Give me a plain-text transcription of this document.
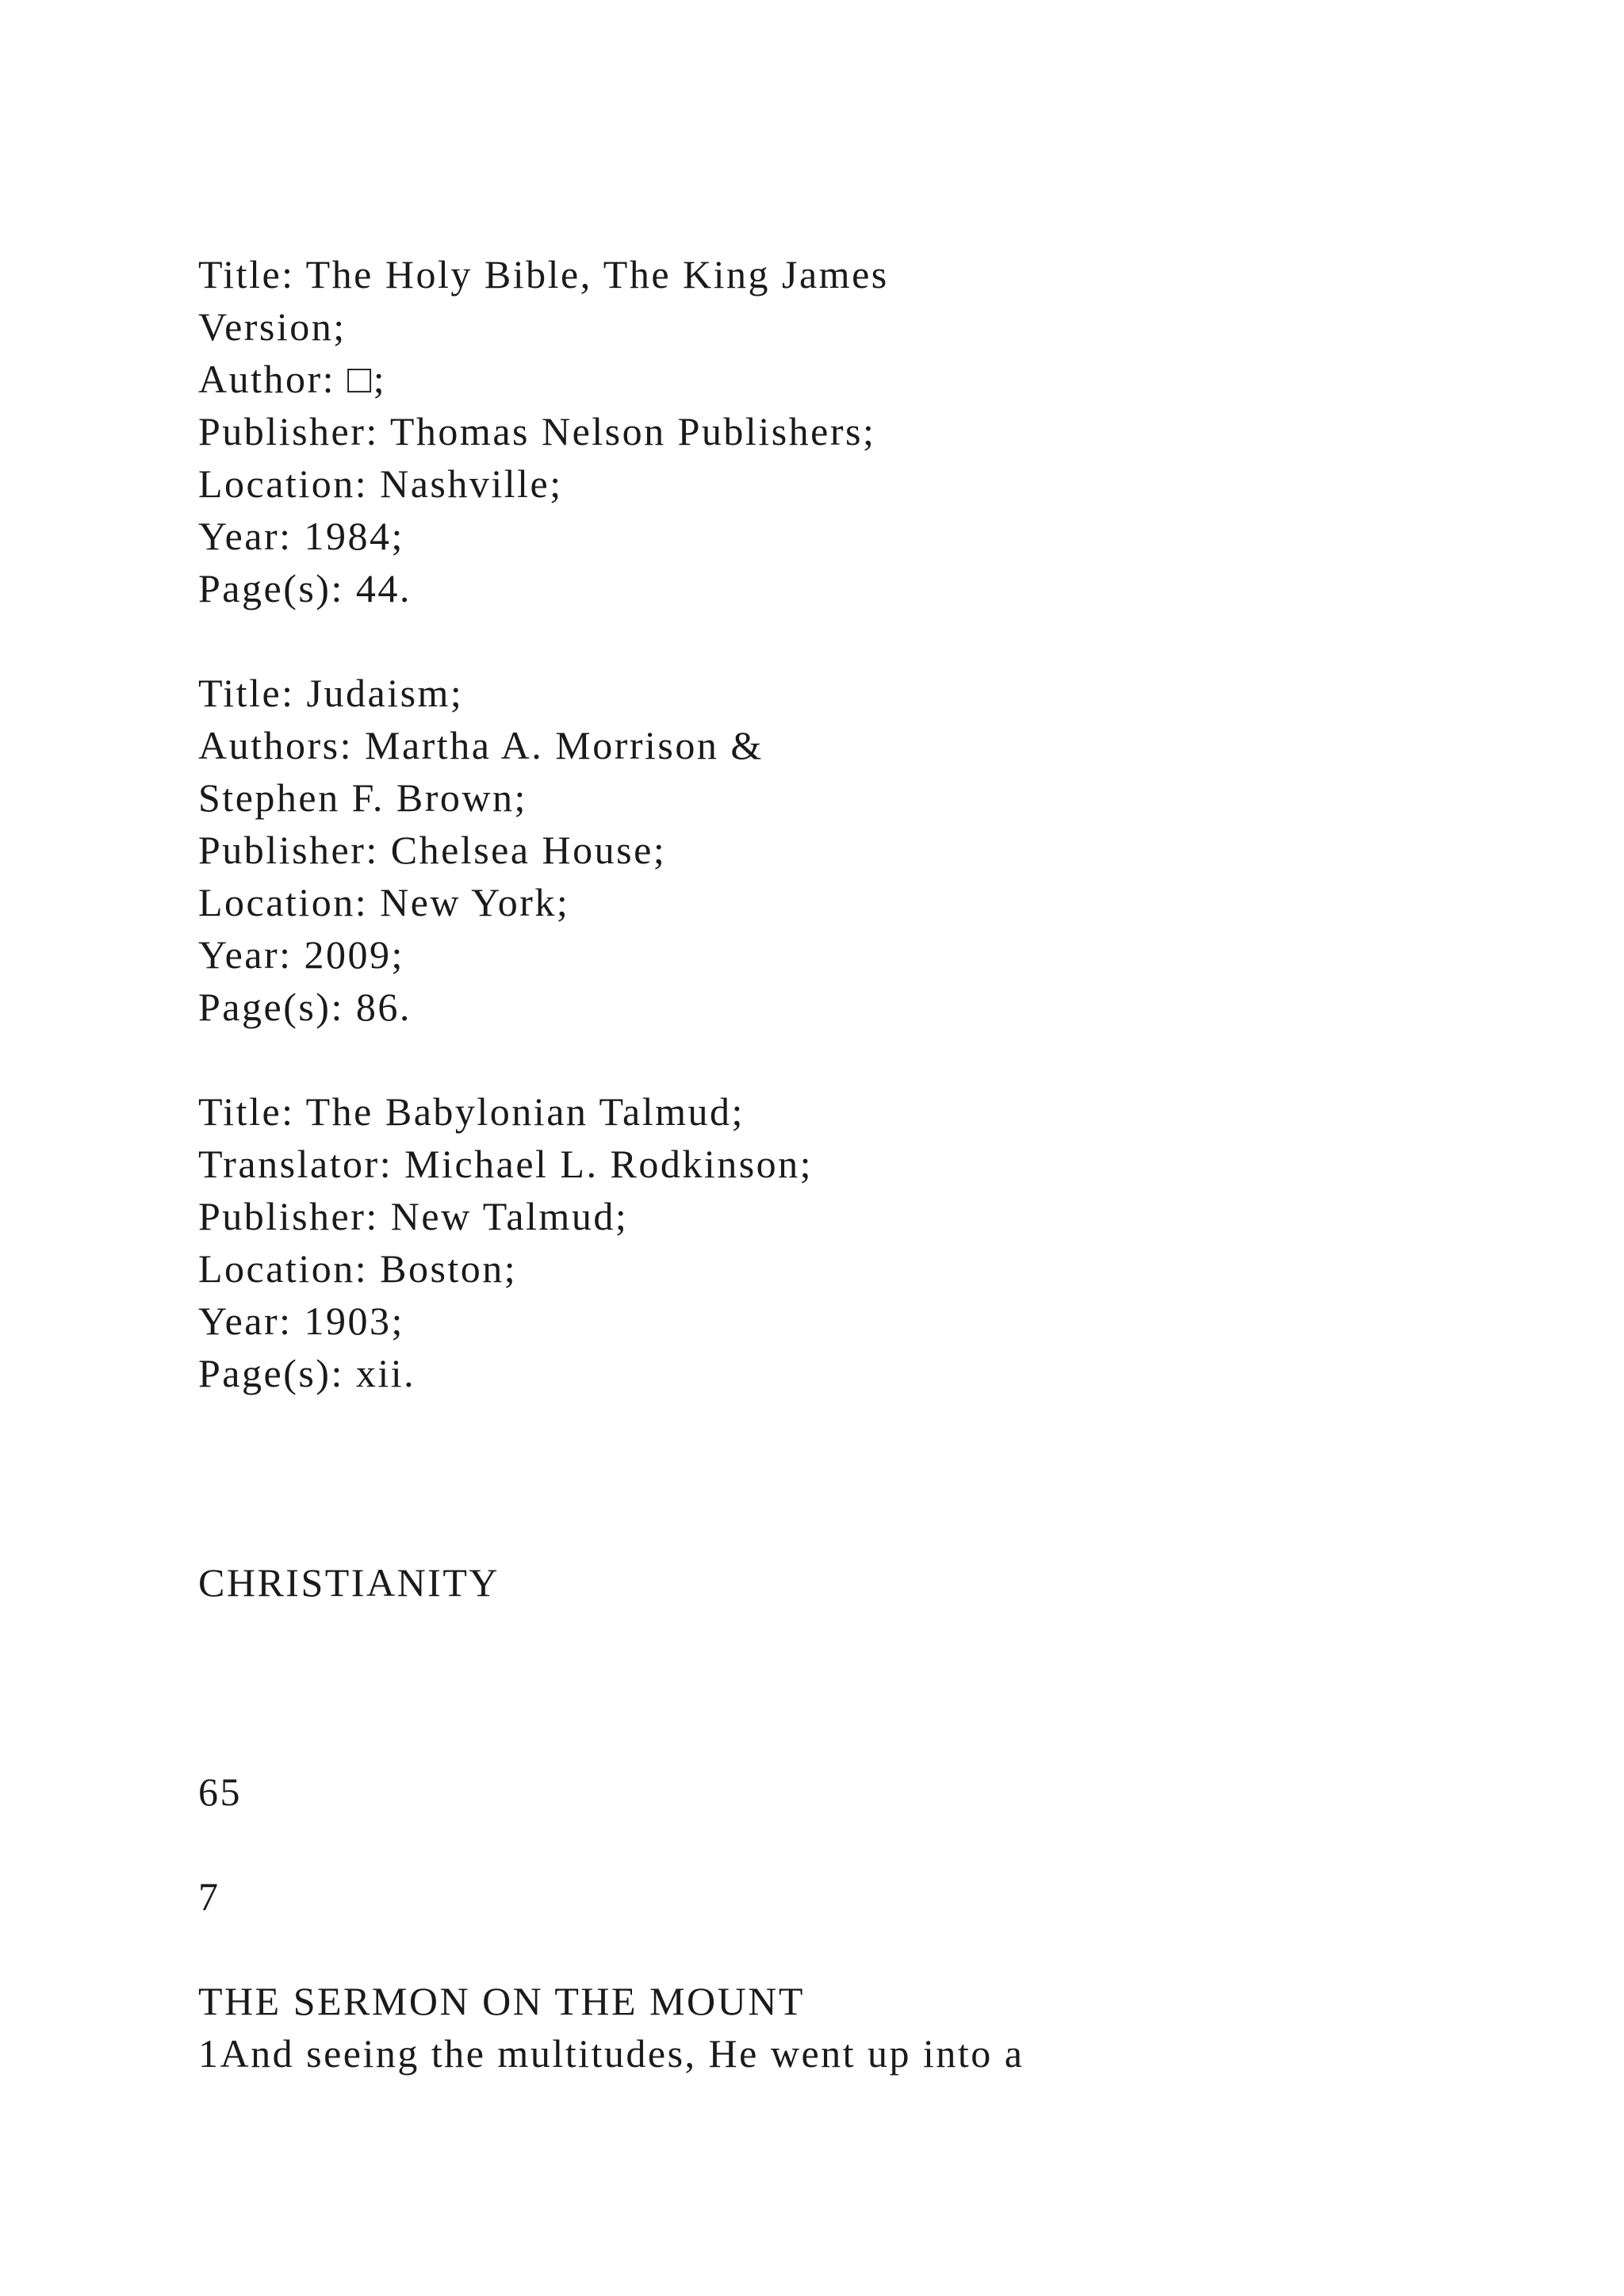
Title: The Holy Bible, The King James
Version;
Author: □;
Publisher: Thomas Nelson Publishers;
Location: Nashville;
Year: 1984;
Page(s): 44.
Title: Judaism;
Authors: Martha A. Morrison &
Stephen F. Brown;
Publisher: Chelsea House;
Location: New York;
Year: 2009;
Page(s): 86.
Title: The Babylonian Talmud;
Translator: Michael L. Rodkinson;
Publisher: New Talmud;
Location: Boston;
Year: 1903;
Page(s): xii.
CHRISTIANITY
65
7
THE SERMON ON THE MOUNT
1And seeing the multitudes, He went up into a
